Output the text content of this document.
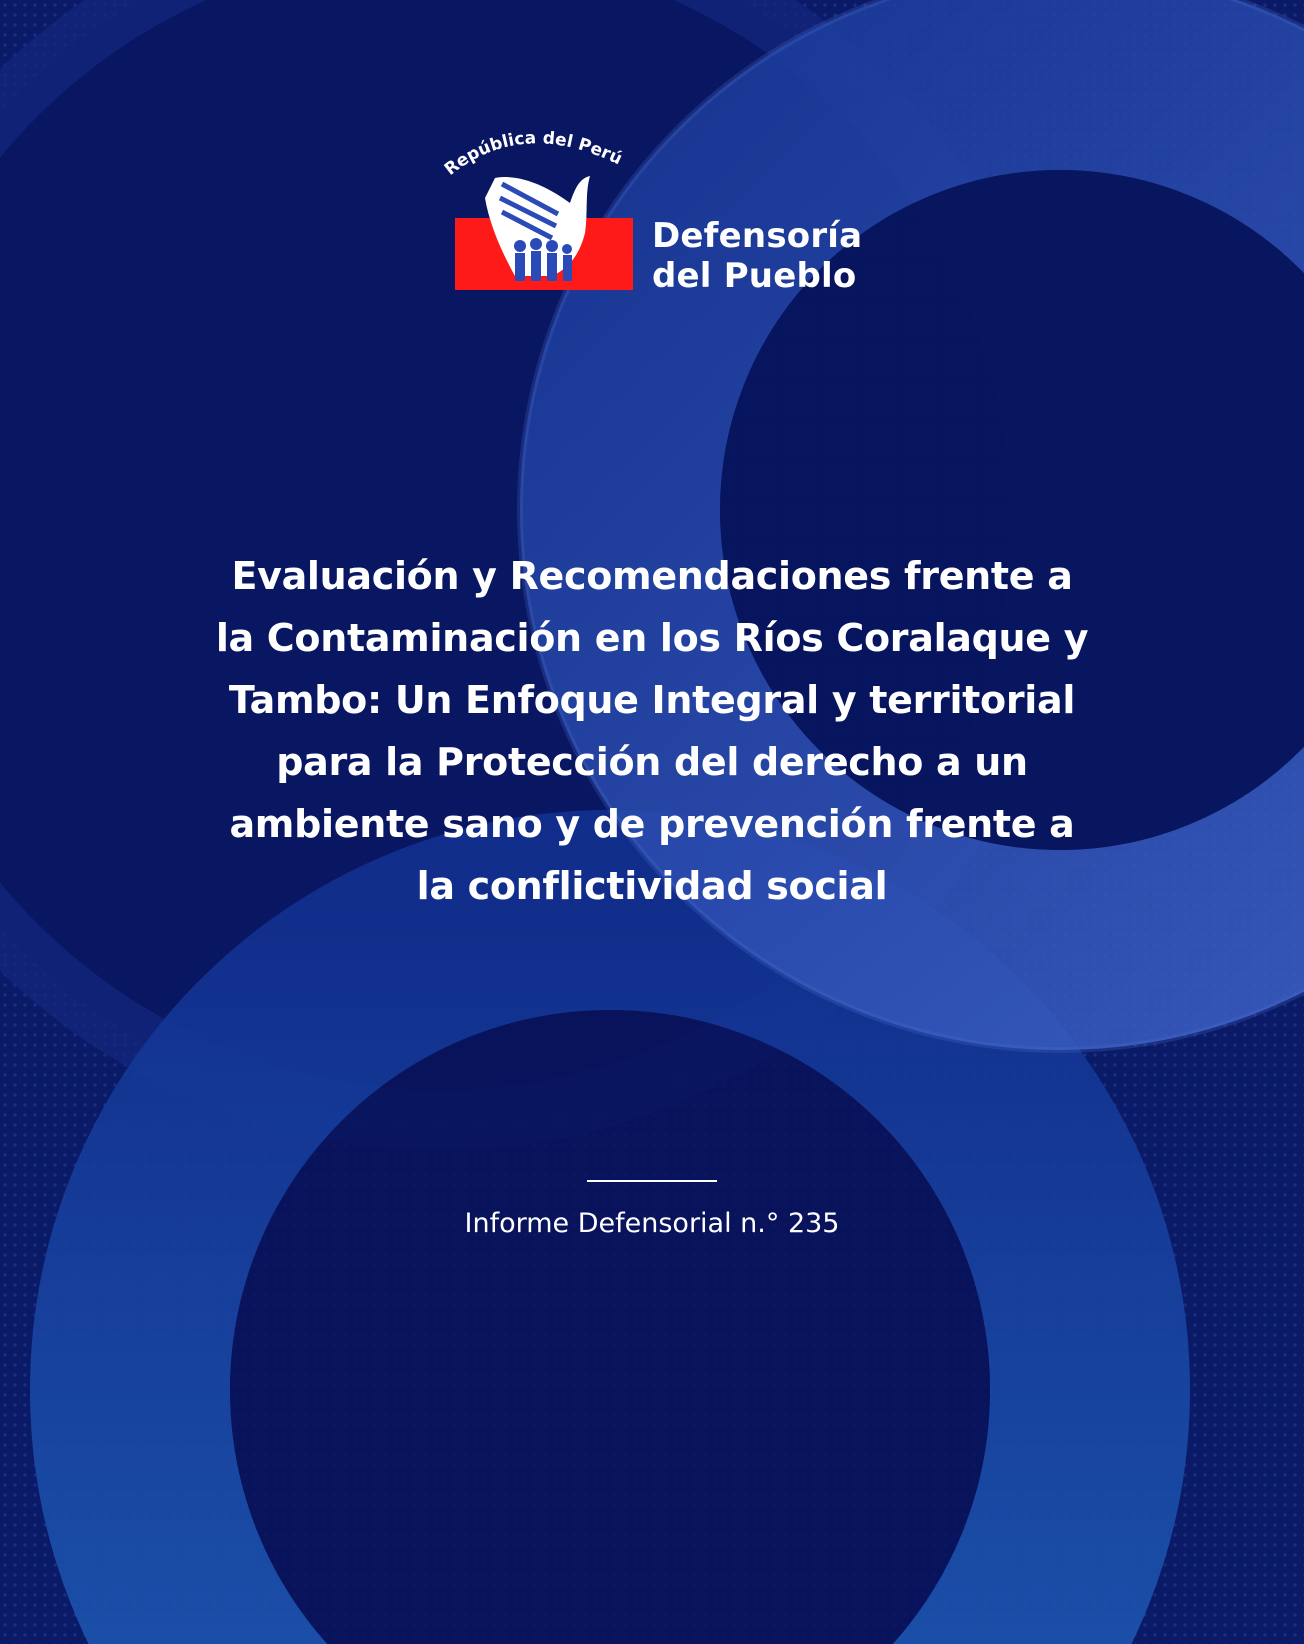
República del Perú
Defensoría
del Pueblo
Evaluación y Recomendaciones frente a
la Contaminación en los Ríos Coralaque y
Tambo: Un Enfoque Integral y territorial
para la Protección del derecho a un
ambiente sano y de prevención frente a
la conflictividad social
Informe Defensorial n.° 235
